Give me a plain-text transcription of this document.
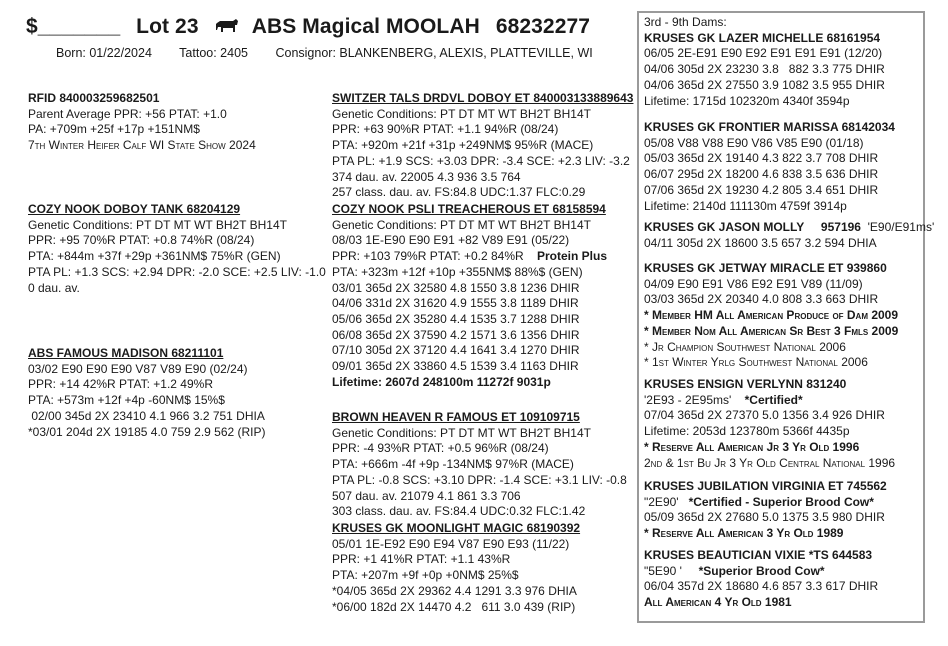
$_______ Lot 23	ABS Magical MOOLAH 68232277
Born: 01/22/2024 Tattoo: 2405 Consignor: BLANKENBERG, ALEXIS, PLATTEVILLE, WI
RFID 840003259682501
Parent Average PPR: +56 PTAT: +1.0
PA: +709m +25f +17p +151NM$
7th Winter Heifer Calf WI State Show 2024
SWITZER TALS DRDVL DOBOY ET 840003133889643
Genetic Conditions: PT DT MT WT BH2T BH14T
PPR: +63 90%R PTAT: +1.1 94%R (08/24)
PTA: +920m +21f +31p +249NM$ 95%R (MACE)
PTA PL: +1.9 SCS: +3.03 DPR: -3.4 SCE: +2.3 LIV: -3.2
374 dau. av. 22005 4.3 936 3.5 764
257 class. dau. av. FS:84.8 UDC:1.37 FLC:0.29
COZY NOOK DOBOY TANK 68204129
Genetic Conditions: PT DT MT WT BH2T BH14T
PPR: +95 70%R PTAT: +0.8 74%R (08/24)
PTA: +844m +37f +29p +361NM$ 75%R (GEN)
PTA PL: +1.3 SCS: +2.94 DPR: -2.0 SCE: +2.5 LIV: -1.0
0 dau. av.
COZY NOOK PSLI TREACHEROUS ET 68158594
Genetic Conditions: PT DT MT WT BH2T BH14T
08/03 1E-E90 E90 E91 +82 V89 E91 (05/22)
PPR: +103 79%R PTAT: +0.2 84%R Protein Plus
PTA: +323m +12f +10p +355NM$ 88%$ (GEN)
03/01 365d 2X 32580 4.8 1550 3.8 1236 DHIR
04/06 331d 2X 31620 4.9 1555 3.8 1189 DHIR
05/06 365d 2X 35280 4.4 1535 3.7 1288 DHIR
06/08 365d 2X 37590 4.2 1571 3.6 1356 DHIR
07/10 305d 2X 37120 4.4 1641 3.4 1270 DHIR
09/01 365d 2X 33860 4.5 1539 3.4 1163 DHIR
Lifetime: 2607d 248100m 11272f 9031p
ABS FAMOUS MADISON 68211101
03/02 E90 E90 E90 V87 V89 E90 (02/24)
PPR: +14 42%R PTAT: +1.2 49%R
PTA: +573m +12f +4p -60NM$ 15%$
02/00 345d 2X 23410 4.1 966 3.2 751 DHIA
*03/01 204d 2X 19185 4.0 759 2.9 562 (RIP)
BROWN HEAVEN R FAMOUS ET 109109715
Genetic Conditions: PT DT MT WT BH2T BH14T
PPR: -4 93%R PTAT: +0.5 96%R (08/24)
PTA: +666m -4f +9p -134NM$ 97%R (MACE)
PTA PL: -0.8 SCS: +3.10 DPR: -1.4 SCE: +3.1 LIV: -0.8
507 dau. av. 21079 4.1 861 3.3 706
303 class. dau. av. FS:84.4 UDC:0.32 FLC:1.42
KRUSES GK MOONLIGHT MAGIC 68190392
05/01 1E-E92 E90 E94 V87 E90 E93 (11/22)
PPR: +1 41%R PTAT: +1.1 43%R
PTA: +207m +9f +0p +0NM$ 25%$
*04/05 365d 2X 29362 4.4 1291 3.3 976 DHIA
*06/00 182d 2X 14470 4.2   611 3.0 439 (RIP)
3rd - 9th Dams:
KRUSES GK LAZER MICHELLE 68161954
06/05 2E-E91 E90 E92 E91 E91 E91 (12/20)
04/06 305d 2X 23230 3.8   882 3.3 775 DHIR
04/06 365d 2X 27550 3.9 1082 3.5 955 DHIR
Lifetime: 1715d 102320m 4340f 3594p
KRUSES GK FRONTIER MARISSA 68142034
05/08 V88 V88 E90 V86 V85 E90 (01/18)
05/03 365d 2X 19140 4.3 822 3.7 708 DHIR
06/07 295d 2X 18200 4.6 838 3.5 636 DHIR
07/06 365d 2X 19230 4.2 805 3.4 651 DHIR
Lifetime: 2140d 111130m 4759f 3914p
KRUSES GK JASON MOLLY 957196 'E90/E91ms'
04/11 305d 2X 18600 3.5 657 3.2 594 DHIA
KRUSES GK JETWAY MIRACLE ET 939860
04/09 E90 E91 V86 E92 E91 V89 (11/09)
03/03 365d 2X 20340 4.0 808 3.3 663 DHIR
* Member HM All American Produce of Dam 2009
* Member Nom All American Sr Best 3 Fmls 2009
* Jr Champion Southwest National 2006
* 1st Winter Yrlg Southwest National 2006
KRUSES ENSIGN VERLYNN 831240
'2E93 - 2E95ms' *Certified*
07/04 365d 2X 27370 5.0 1356 3.4 926 DHIR
Lifetime: 2053d 123780m 5366f 4435p
* Reserve All American Jr 3 Yr Old 1996
2nd & 1st Bu Jr 3 Yr Old Central National 1996
KRUSES JUBILATION VIRGINIA ET 745562
"2E90' *Certified - Superior Brood Cow*
05/09 365d 2X 27680 5.0 1375 3.5 980 DHIR
* Reserve All American 3 Yr Old 1989
KRUSES BEAUTICIAN VIXIE *TS 644583
"5E90 ' *Superior Brood Cow*
06/04 357d 2X 18680 4.6 857 3.3 617 DHIR
All American 4 Yr Old 1981
